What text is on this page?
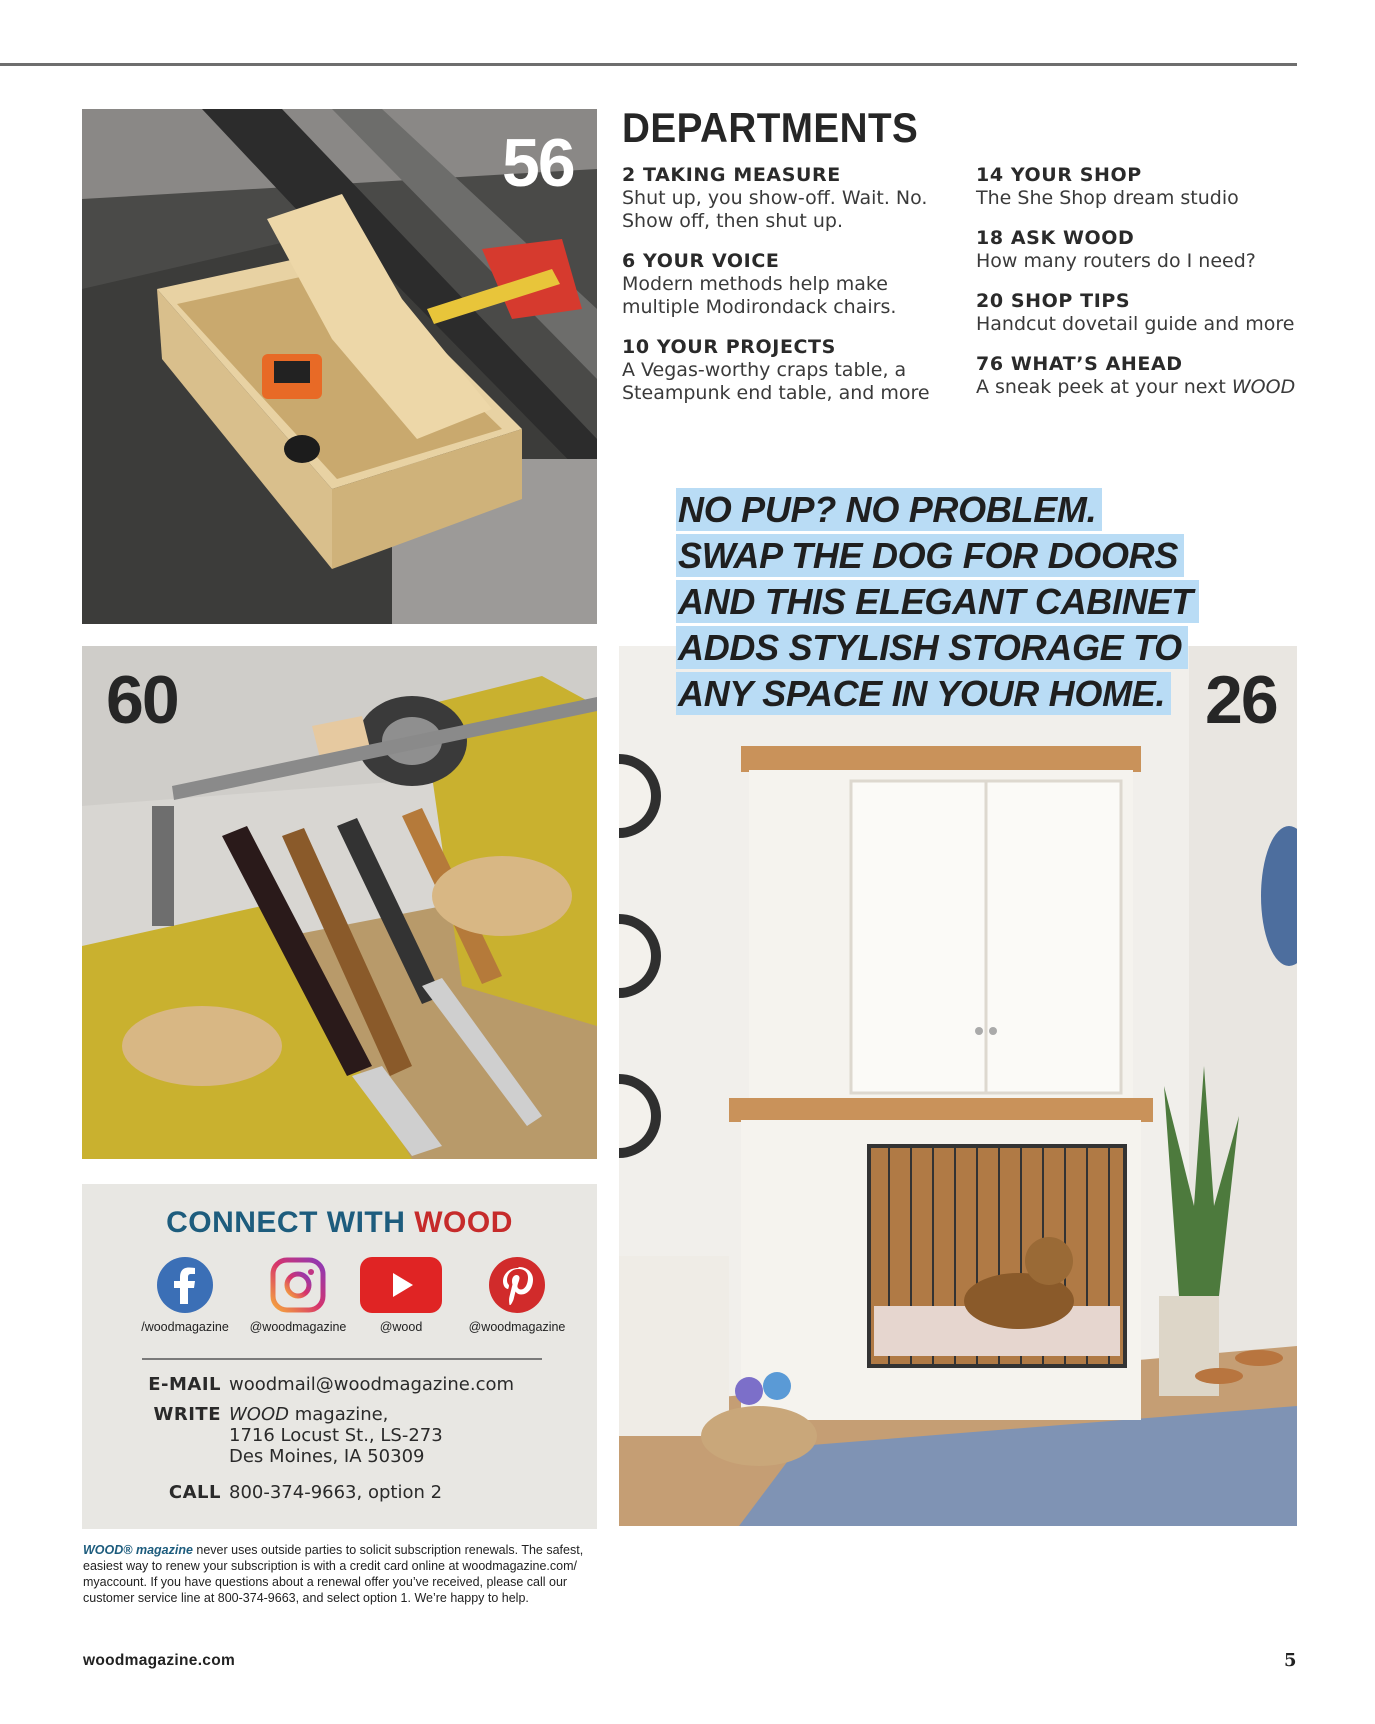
56
60	26
NO PUP? NO PROBLEM.
SWAP THE DOG FOR DOORS
AND THIS ELEGANT CABINET
ADDS STYLISH STORAGE TO
ANY SPACE IN YOUR HOME.
DEPARTMENTS
2 TAKING MEASURE
Shut up, you show-off. Wait. No. Show off, then shut up.
6 YOUR VOICE
Modern methods help make multiple Modirondack chairs.
10 YOUR PROJECTS
A Vegas-worthy craps table, a Steampunk end table, and more
14 YOUR SHOP
The She Shop dream studio
18 ASK WOOD
How many routers do I need?
20 SHOP TIPS
Handcut dovetail guide and more
76 WHAT’S AHEAD
A sneak peek at your next WOOD
CONNECT WITH WOOD
/woodmagazine	@woodmagazine	@wood	@woodmagazine
E-MAIL woodmail@woodmagazine.com
WRITE WOOD magazine,
1716 Locust St., LS-273
Des Moines, IA 50309
CALL 800-374-9663, option 2
WOOD® magazine never uses outside parties to solicit subscription renewals. The safest, easiest way to renew your subscription is with a credit card online at woodmagazine.com/ myaccount. If you have questions about a renewal offer you’ve received, please call our customer service line at 800-374-9663, and select option 1. We’re happy to help.
woodmagazine.com	5
